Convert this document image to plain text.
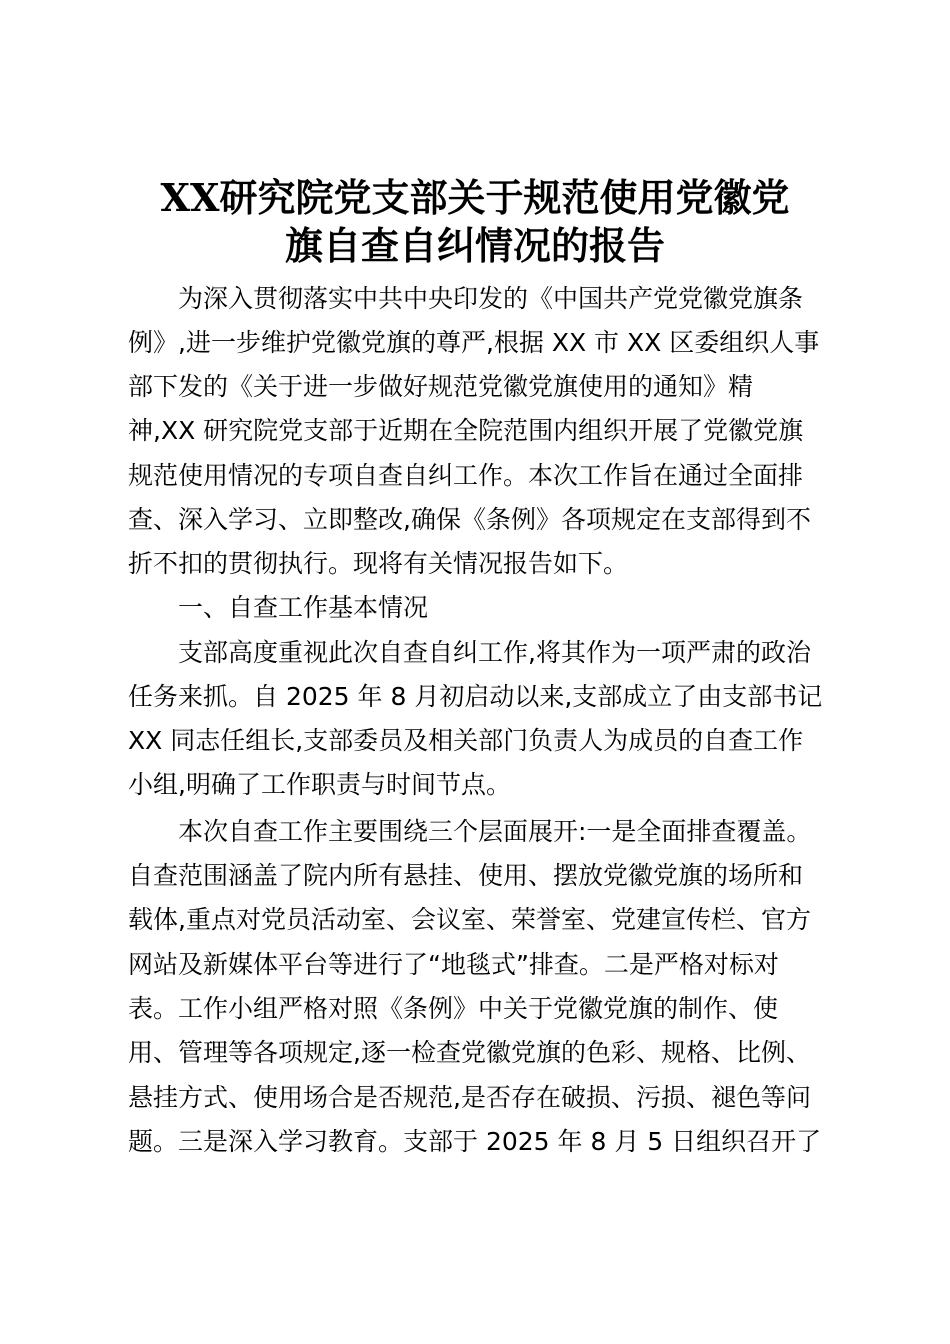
XX研究院党支部关于规范使用党徽党
旗自查自纠情况的报告
为深入贯彻落实中共中央印发的《中国共产党党徽党旗条
例》,进一步维护党徽党旗的尊严,根据 XX 市 XX 区委组织人事
部下发的《关于进一步做好规范党徽党旗使用的通知》精
神,XX 研究院党支部于近期在全院范围内组织开展了党徽党旗
规范使用情况的专项自查自纠工作。本次工作旨在通过全面排
查、深入学习、立即整改,确保《条例》各项规定在支部得到不
折不扣的贯彻执行。现将有关情况报告如下。
一、自查工作基本情况
支部高度重视此次自查自纠工作,将其作为一项严肃的政治
任务来抓。自 2025 年 8 月初启动以来,支部成立了由支部书记
XX 同志任组长,支部委员及相关部门负责人为成员的自查工作
小组,明确了工作职责与时间节点。
本次自查工作主要围绕三个层面展开:一是全面排查覆盖。
自查范围涵盖了院内所有悬挂、使用、摆放党徽党旗的场所和
载体,重点对党员活动室、会议室、荣誉室、党建宣传栏、官方
网站及新媒体平台等进行了“地毯式”排查。二是严格对标对
表。工作小组严格对照《条例》中关于党徽党旗的制作、使
用、管理等各项规定,逐一检查党徽党旗的色彩、规格、比例、
悬挂方式、使用场合是否规范,是否存在破损、污损、褪色等问
题。三是深入学习教育。支部于 2025 年 8 月 5 日组织召开了
